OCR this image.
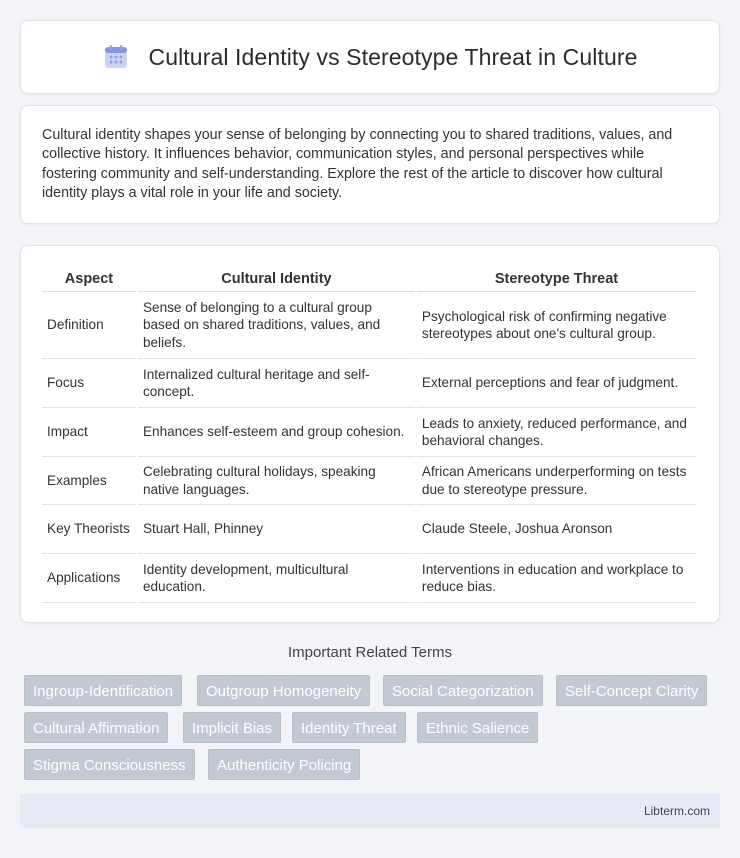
Cultural Identity vs Stereotype Threat in Culture

Cultural identity shapes your sense of belonging by connecting you to shared traditions, values, and collective history. It influences behavior, communication styles, and personal perspectives while fostering community and self-understanding. Explore the rest of the article to discover how cultural identity plays a vital role in your life and society.

Aspect	Cultural Identity	Stereotype Threat
Definition	Sense of belonging to a cultural group based on shared traditions, values, and beliefs.	Psychological risk of confirming negative stereotypes about one's cultural group.
Focus	Internalized cultural heritage and self-concept.	External perceptions and fear of judgment.
Impact	Enhances self-esteem and group cohesion.	Leads to anxiety, reduced performance, and behavioral changes.
Examples	Celebrating cultural holidays, speaking native languages.	African Americans underperforming on tests due to stereotype pressure.
Key Theorists	Stuart Hall, Phinney	Claude Steele, Joshua Aronson
Applications	Identity development, multicultural education.	Interventions in education and workplace to reduce bias.
Important Related Terms
Ingroup-Identification	Outgroup Homogeneity	Social Categorization	Self-Concept Clarity
Cultural Affirmation	Implicit Bias	Identity Threat	Ethnic Salience
Stigma Consciousness	Authenticity Policing
Libterm.com
